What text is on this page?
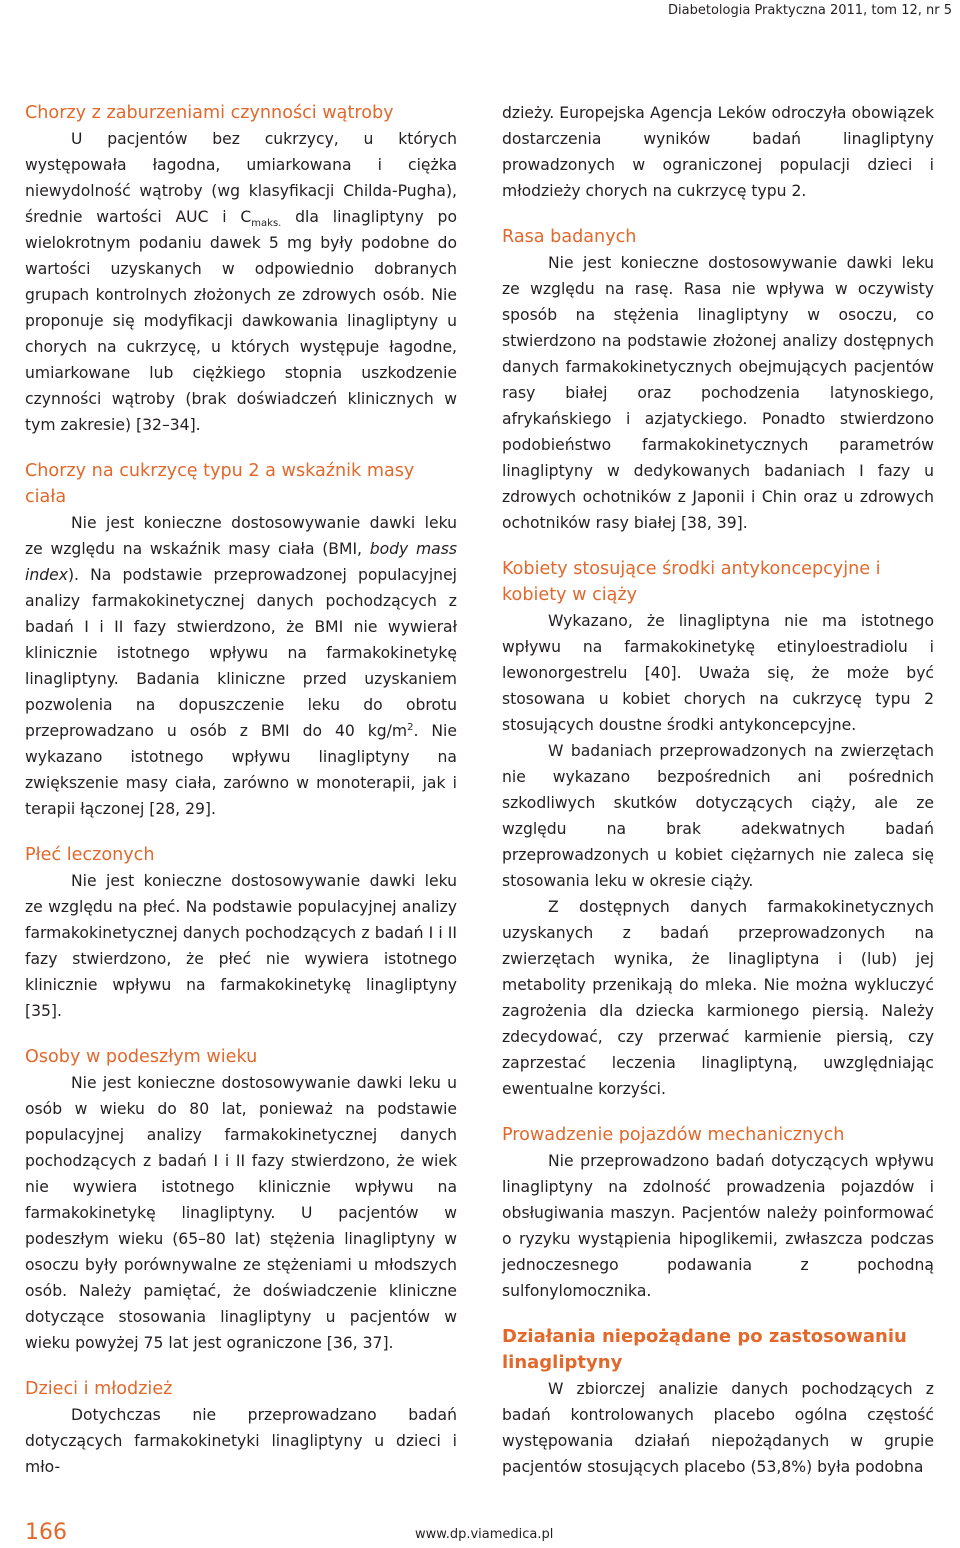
Diabetologia Praktyczna 2011, tom 12, nr 5
Chorzy z zaburzeniami czynności wątroby

U pacjentów bez cukrzycy, u których występowała łagodna, umiarkowana i ciężka niewydolność wątroby (wg klasyfikacji Childa-Pugha), średnie wartości AUC i $C_{maks.}$ dla linagliptyny po wielokrotnym podaniu dawek 5 mg były podobne do wartości uzyskanych w odpowiednio dobranych grupach kontrolnych złożonych ze zdrowych osób. Nie proponuje się modyfikacji dawkowania linagliptyny u chorych na cukrzycę, u których występuje łagodne, umiarkowane lub ciężkiego stopnia uszkodzenie czynności wątroby (brak doświadczeń klinicznych w tym zakresie) [32–34].

Chorzy na cukrzycę typu 2 a wskaźnik masy ciała

Nie jest konieczne dostosowywanie dawki leku ze względu na wskaźnik masy ciała (BMI, body mass index). Na podstawie przeprowadzonej populacyjnej analizy farmakokinetycznej danych pochodzących z badań I i II fazy stwierdzono, że BMI nie wywierał klinicznie istotnego wpływu na farmakokinetykę linagliptyny. Badania kliniczne przed uzyskaniem pozwolenia na dopuszczenie leku do obrotu przeprowadzano u osób z BMI do 40 $kg/m^2$. Nie wykazano istotnego wpływu linagliptyny na zwiększenie masy ciała, zarówno w monoterapii, jak i terapii łączonej [28, 29].

Płeć leczonych

Nie jest konieczne dostosowywanie dawki leku ze względu na płeć. Na podstawie populacyjnej analizy farmakokinetycznej danych pochodzących z badań I i II fazy stwierdzono, że płeć nie wywiera istotnego klinicznie wpływu na farmakokinetykę linagliptyny [35].

Osoby w podeszłym wieku

Nie jest konieczne dostosowywanie dawki leku u osób w wieku do 80 lat, ponieważ na podstawie populacyjnej analizy farmakokinetycznej danych pochodzących z badań I i II fazy stwierdzono, że wiek nie wywiera istotnego klinicznie wpływu na farmakokinetykę linagliptyny. U pacjentów w podeszłym wieku (65–80 lat) stężenia linagliptyny w osoczu były porównywalne ze stężeniami u młodszych osób. Należy pamiętać, że doświadczenie kliniczne dotyczące stosowania linagliptyny u pacjentów w wieku powyżej 75 lat jest ograniczone [36, 37].

Dzieci i młodzież

Dotychczas nie przeprowadzano badań dotyczących farmakokinetyki linagliptyny u dzieci i mło-

dzieży. Europejska Agencja Leków odroczyła obowiązek dostarczenia wyników badań linagliptyny prowadzonych w ograniczonej populacji dzieci i młodzieży chorych na cukrzycę typu 2.

Rasa badanych

Nie jest konieczne dostosowywanie dawki leku ze względu na rasę. Rasa nie wpływa w oczywisty sposób na stężenia linagliptyny w osoczu, co stwierdzono na podstawie złożonej analizy dostępnych danych farmakokinetycznych obejmujących pacjentów rasy białej oraz pochodzenia latynoskiego, afrykańskiego i azjatyckiego. Ponadto stwierdzono podobieństwo farmakokinetycznych parametrów linagliptyny w dedykowanych badaniach I fazy u zdrowych ochotników z Japonii i Chin oraz u zdrowych ochotników rasy białej [38, 39].

Kobiety stosujące środki antykoncepcyjne i kobiety w ciąży

Wykazano, że linagliptyna nie ma istotnego wpływu na farmakokinetykę etinyloestradiolu i lewonorgestrelu [40]. Uważa się, że może być stosowana u kobiet chorych na cukrzycę typu 2 stosujących doustne środki antykoncepcyjne.

W badaniach przeprowadzonych na zwierzętach nie wykazano bezpośrednich ani pośrednich szkodliwych skutków dotyczących ciąży, ale ze względu na brak adekwatnych badań przeprowadzonych u kobiet ciężarnych nie zaleca się stosowania leku w okresie ciąży.

Z dostępnych danych farmakokinetycznych uzyskanych z badań przeprowadzonych na zwierzętach wynika, że linagliptyna i (lub) jej metabolity przenikają do mleka. Nie można wykluczyć zagrożenia dla dziecka karmionego piersią. Należy zdecydować, czy przerwać karmienie piersią, czy zaprzestać leczenia linagliptyną, uwzględniając ewentualne korzyści.

Prowadzenie pojazdów mechanicznych

Nie przeprowadzono badań dotyczących wpływu linagliptyny na zdolność prowadzenia pojazdów i obsługiwania maszyn. Pacjentów należy poinformować o ryzyku wystąpienia hipoglikemii, zwłaszcza podczas jednoczesnego podawania z pochodną sulfonylomocznika.

Działania niepożądane po zastosowaniu linagliptyny

W zbiorczej analizie danych pochodzących z badań kontrolowanych placebo ogólna częstość występowania działań niepożądanych w grupie pacjentów stosujących placebo (53,8%) była podobna

166	www.dp.viamedica.pl
